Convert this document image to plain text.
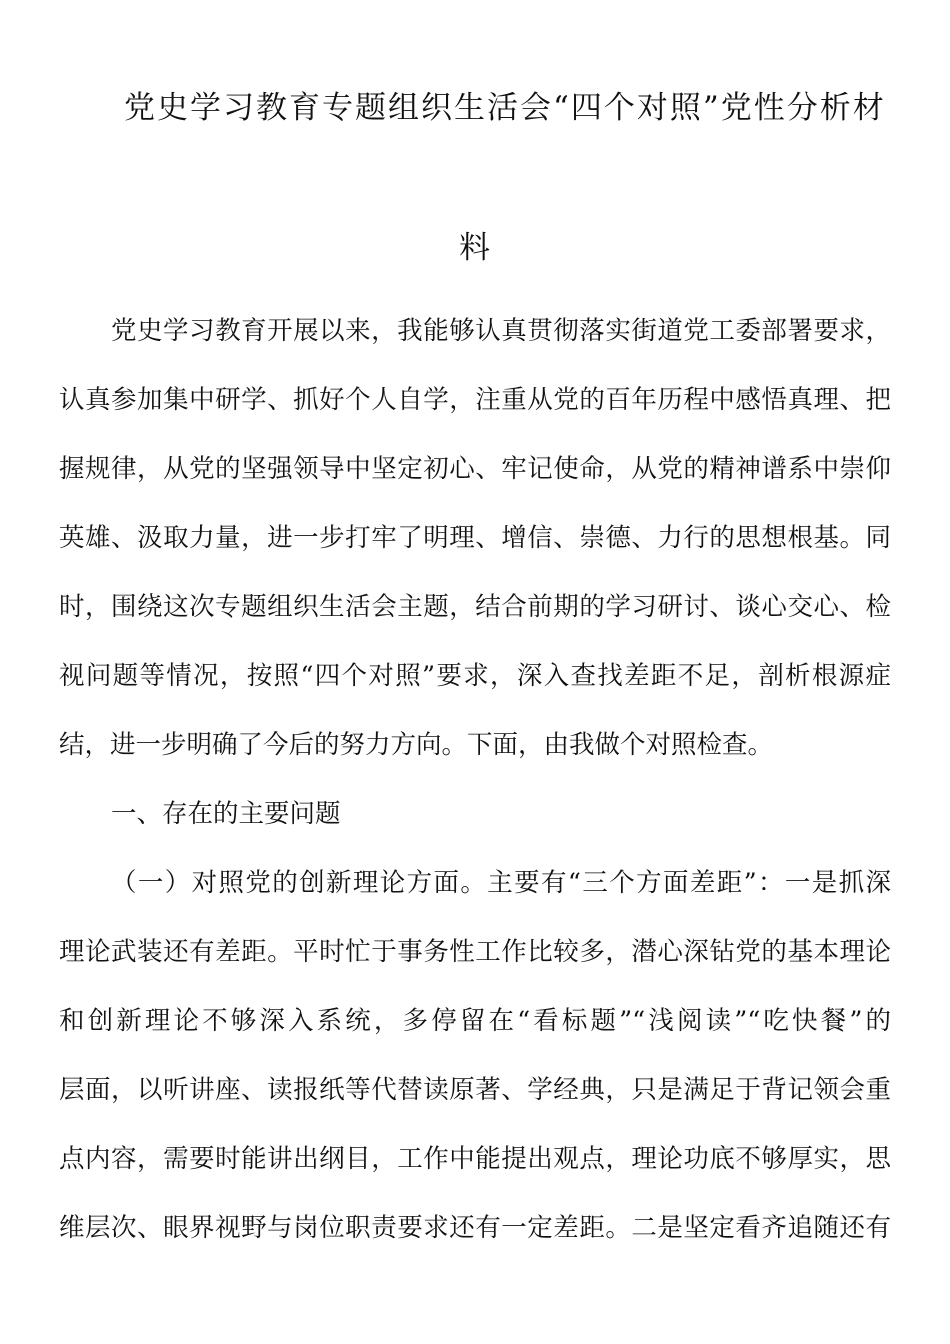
党史学习教育专题组织生活会“四个对照”党性分析材
料
党史学习教育开展以来，我能够认真贯彻落实街道党工委部署要求，
认真参加集中研学、抓好个人自学，注重从党的百年历程中感悟真理、把
握规律，从党的坚强领导中坚定初心、牢记使命，从党的精神谱系中崇仰
英雄、汲取力量，进一步打牢了明理、增信、崇德、力行的思想根基。同
时，围绕这次专题组织生活会主题，结合前期的学习研讨、谈心交心、检
视问题等情况，按照“四个对照”要求，深入查找差距不足，剖析根源症
结，进一步明确了今后的努力方向。下面，由我做个对照检查。
一、存在的主要问题
（一）对照党的创新理论方面。主要有“三个方面差距”：一是抓深
理论武装还有差距。平时忙于事务性工作比较多，潜心深钻党的基本理论
和创新理论不够深入系统，多停留在“看标题”“浅阅读”“吃快餐”的
层面，以听讲座、读报纸等代替读原著、学经典，只是满足于背记领会重
点内容，需要时能讲出纲目，工作中能提出观点，理论功底不够厚实，思
维层次、眼界视野与岗位职责要求还有一定差距。二是坚定看齐追随还有
